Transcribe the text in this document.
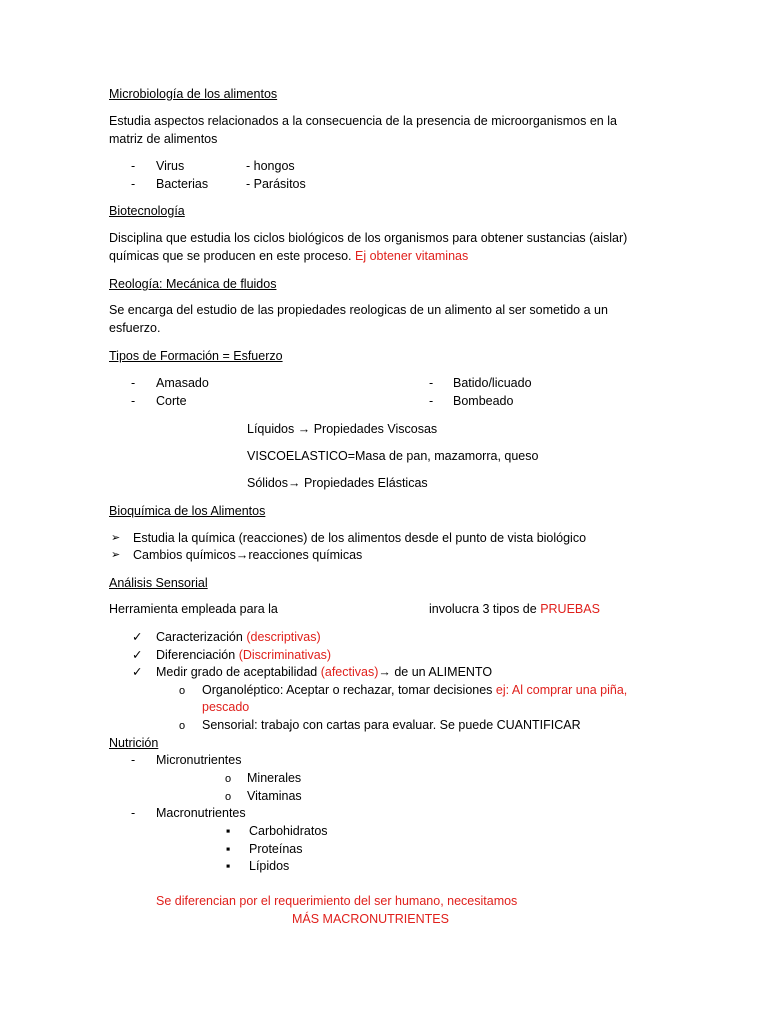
Microbiología de los alimentos
Estudia aspectos relacionados a la consecuencia de la presencia de microorganismos en la
matriz de alimentos
- Virus	- hongos
- Bacterias	- Parásitos
Biotecnología
Disciplina que estudia los ciclos biológicos de los organismos para obtener sustancias (aislar)
químicas que se producen en este proceso. Ej obtener vitaminas
Reología: Mecánica de fluidos
Se encarga del estudio de las propiedades reologicas de un alimento al ser sometido a un
esfuerzo.
Tipos de Formación = Esfuerzo
- Amasado	- Batido/licuado
- Corte	- Bombeado
Líquidos → Propiedades Viscosas
VISCOELASTICO=Masa de pan, mazamorra, queso
Sólidos→ Propiedades Elásticas
Bioquímica de los Alimentos
➢ Estudia la química (reacciones) de los alimentos desde el punto de vista biológico
➢ Cambios químicos→reacciones químicas
Análisis Sensorial
Herramienta empleada para la	involucra 3 tipos de PRUEBAS
✓ Caracterización (descriptivas)
✓ Diferenciación (Discriminativas)
✓ Medir grado de aceptabilidad (afectivas)→ de un ALIMENTO
o Organoléptico: Aceptar o rechazar, tomar decisiones ej: Al comprar una piña,
pescado
o Sensorial: trabajo con cartas para evaluar. Se puede CUANTIFICAR
Nutrición
- Micronutrientes
o Minerales
o Vitaminas
- Macronutrientes
▪ Carbohidratos
▪ Proteínas
▪ Lípidos
Se diferencian por el requerimiento del ser humano, necesitamos
MÁS MACRONUTRIENTES
